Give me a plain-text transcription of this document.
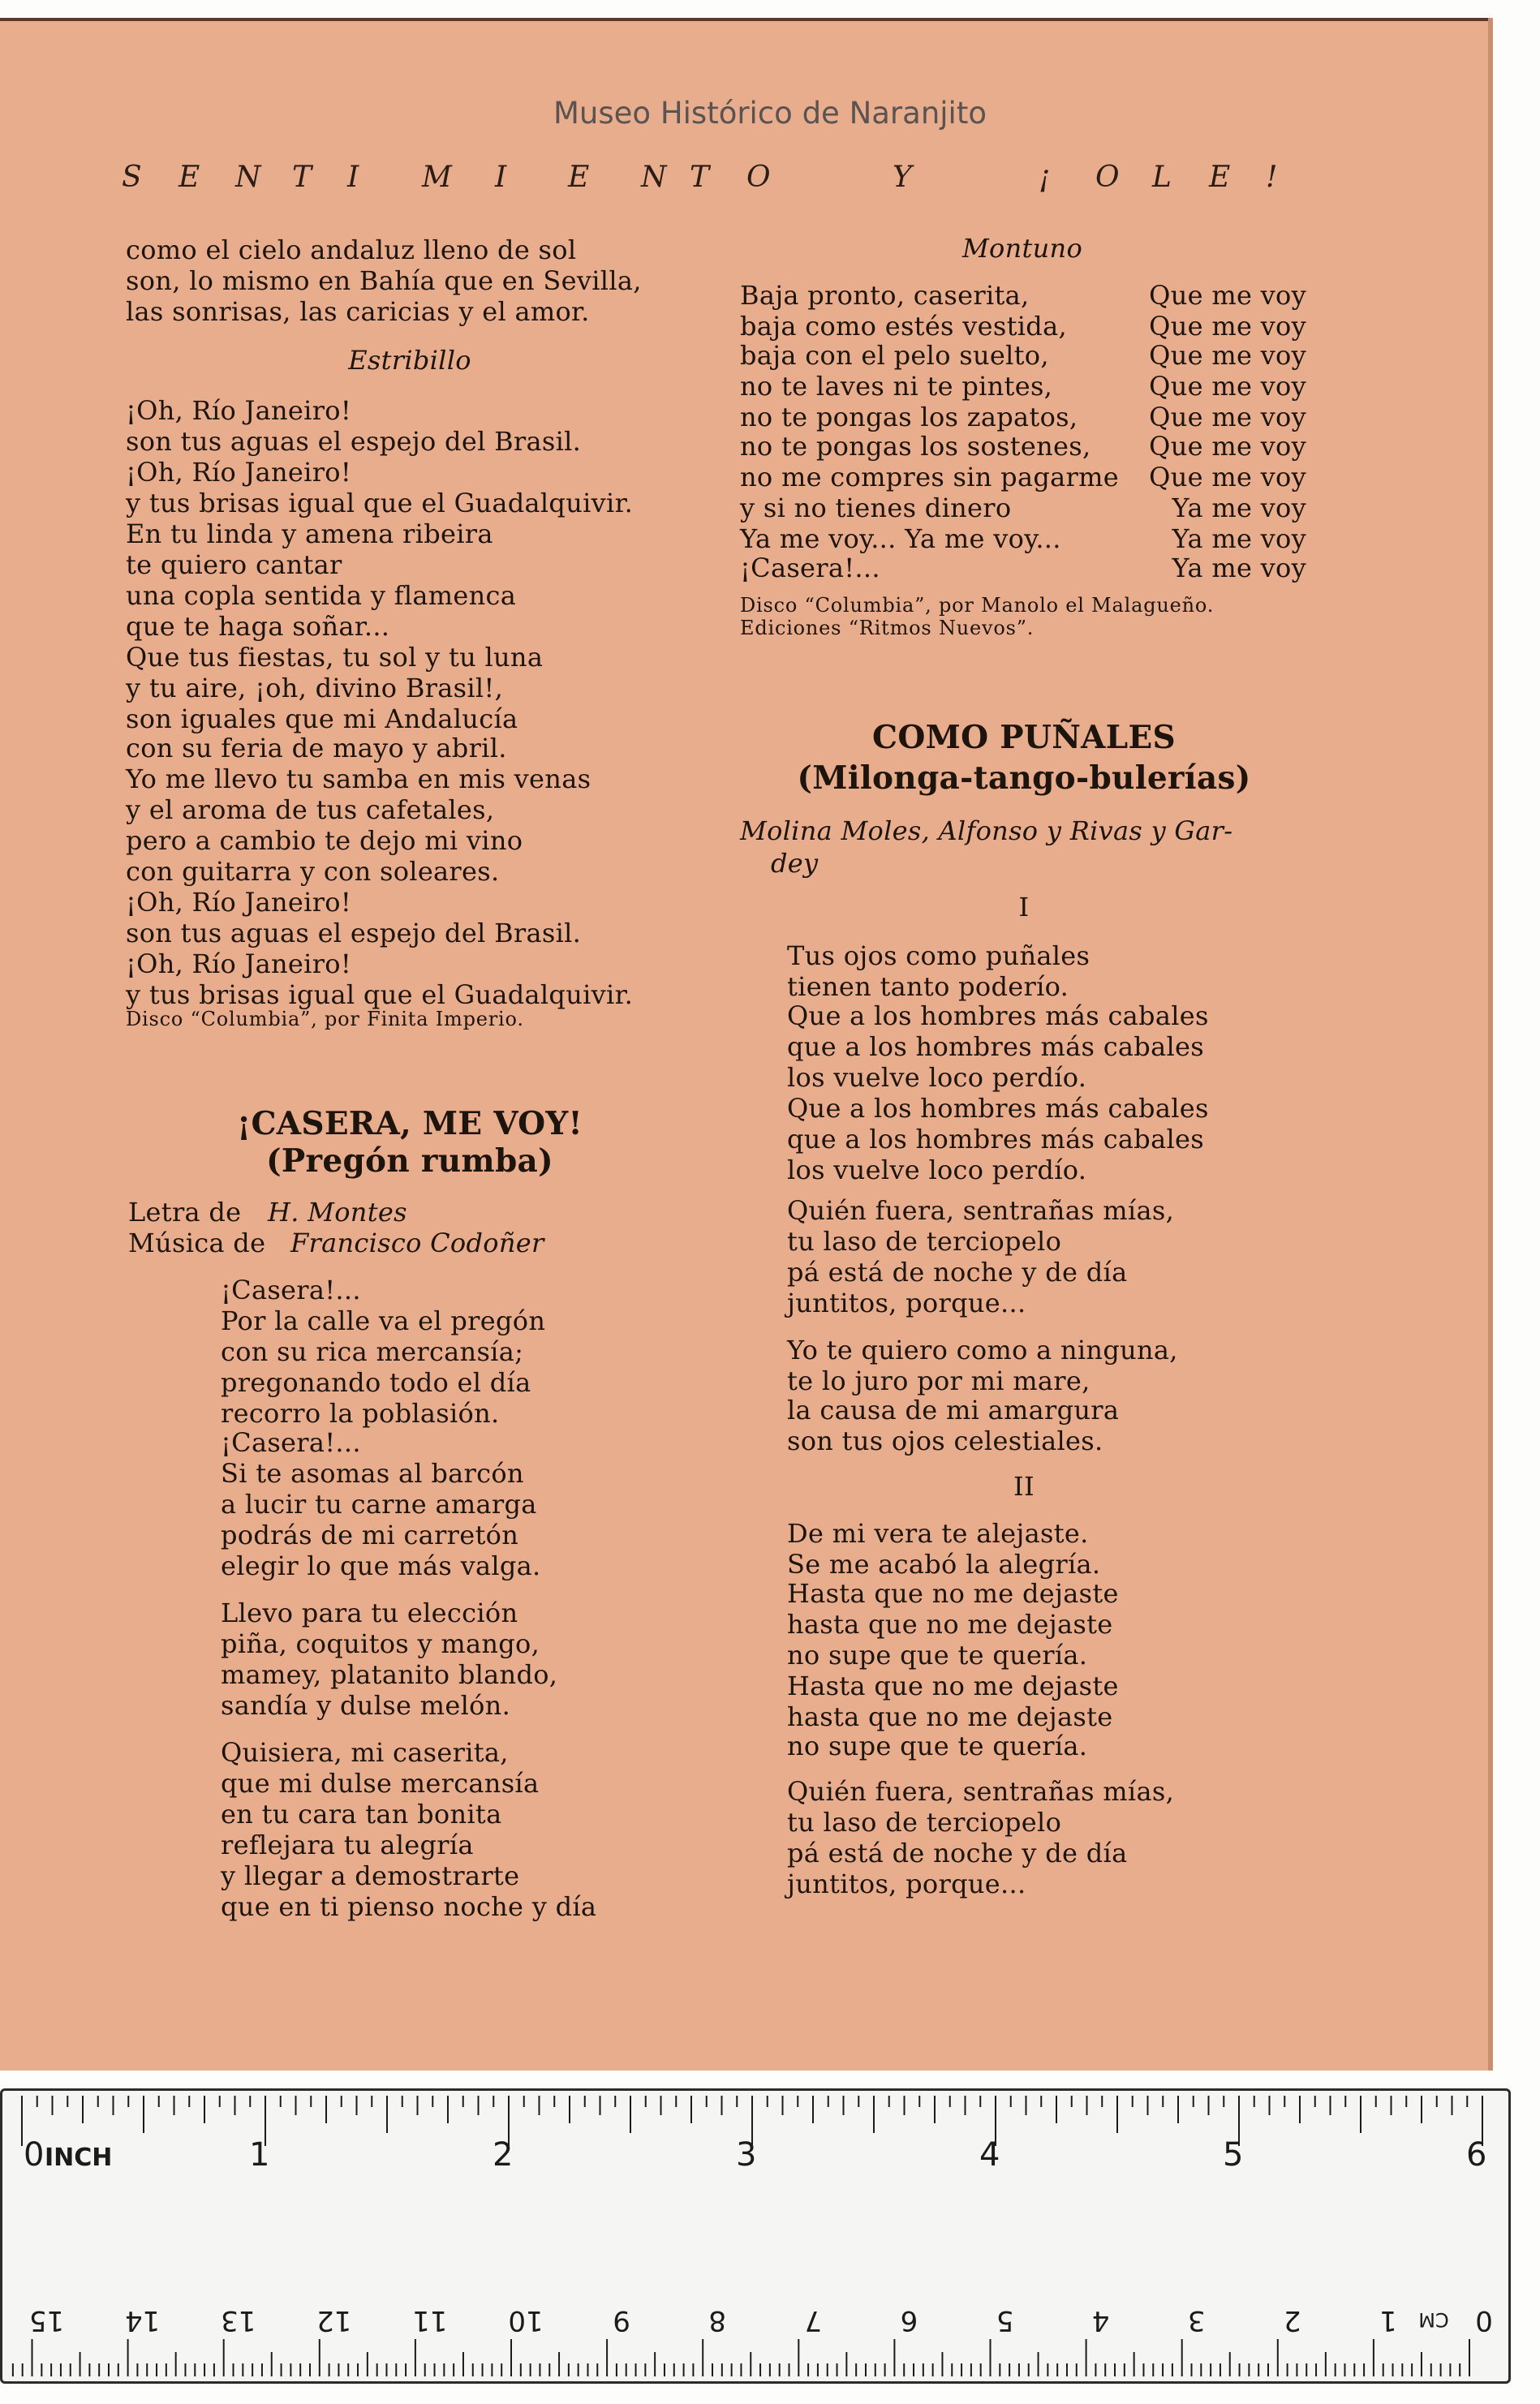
Museo Histórico de Naranjito
S E N T I M I E N T O	Y	¡ O L E !
como el cielo andaluz lleno de sol
son, lo mismo en Bahía que en Sevilla,
las sonrisas, las caricias y el amor.
Estribillo
¡Oh, Río Janeiro!
son tus aguas el espejo del Brasil.
¡Oh, Río Janeiro!
y tus brisas igual que el Guadalquivir.
En tu linda y amena ribeira
te quiero cantar
una copla sentida y flamenca
que te haga soñar...
Que tus fiestas, tu sol y tu luna
y tu aire, ¡oh, divino Brasil!,
son iguales que mi Andalucía
con su feria de mayo y abril.
Yo me llevo tu samba en mis venas
y el aroma de tus cafetales,
pero a cambio te dejo mi vino
con guitarra y con soleares.
¡Oh, Río Janeiro!
son tus aguas el espejo del Brasil.
¡Oh, Río Janeiro!
y tus brisas igual que el Guadalquivir.
Disco “Columbia”, por Finita Imperio.
¡CASERA, ME VOY!
(Pregón rumba)
Letra de H. Montes
Música de Francisco Codoñer
¡Casera!...
Por la calle va el pregón
con su rica mercansía;
pregonando todo el día
recorro la poblasión.
¡Casera!...
Si te asomas al barcón
a lucir tu carne amarga
podrás de mi carretón
elegir lo que más valga.
Llevo para tu elección
piña, coquitos y mango,
mamey, platanito blando,
sandía y dulse melón.
Quisiera, mi caserita,
que mi dulse mercansía
en tu cara tan bonita
reflejara tu alegría
y llegar a demostrarte
que en ti pienso noche y día
Montuno
Baja pronto, caserita,	Que me voy
baja como estés vestida,	Que me voy
baja con el pelo suelto,	Que me voy
no te laves ni te pintes,	Que me voy
no te pongas los zapatos,	Que me voy
no te pongas los sostenes, Que me voy
no me compres sin pagarme Que me voy
y si no tienes dinero	Ya me voy
Ya me voy... Ya me voy...	Ya me voy
¡Casera!...	Ya me voy
Disco “Columbia”, por Manolo el Malagueño.
Ediciones “Ritmos Nuevos”.
COMO PUÑALES
(Milonga-tango-bulerías)
Molina Moles, Alfonso y Rivas y Gar-
dey
I
Tus ojos como puñales
tienen tanto poderío.
Que a los hombres más cabales
que a los hombres más cabales
los vuelve loco perdío.
Que a los hombres más cabales
que a los hombres más cabales
los vuelve loco perdío.
Quién fuera, sentrañas mías,
tu laso de terciopelo
pá está de noche y de día
juntitos, porque...
Yo te quiero como a ninguna,
te lo juro por mi mare,
la causa de mi amargura
son tus ojos celestiales.
II
De mi vera te alejaste.
Se me acabó la alegría.
Hasta que no me dejaste
hasta que no me dejaste
no supe que te quería.
Hasta que no me dejaste
hasta que no me dejaste
no supe que te quería.
Quién fuera, sentrañas mías,
tu laso de terciopelo
pá está de noche y de día
juntitos, porque...
0	1	2	3	4	5	6
INCH
0
1
2
3
4
5
6
7
8
9
10
11
12
13
14
15	CM
